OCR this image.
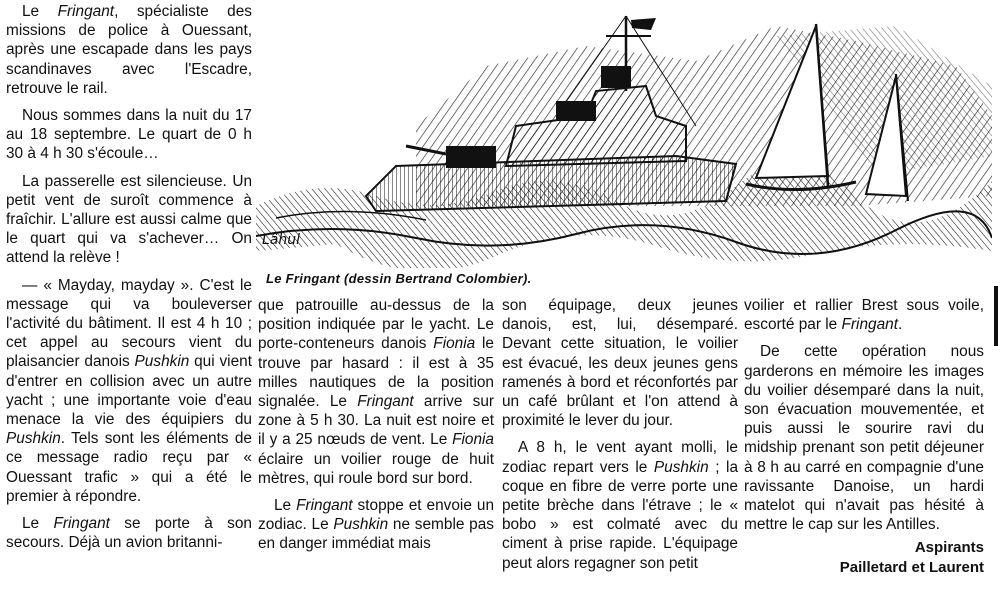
Le Fringant, spécialiste des missions de police à Ouessant, après une escapade dans les pays scandinaves avec l'Escadre, retrouve le rail.

Nous sommes dans la nuit du 17 au 18 septembre. Le quart de 0 h 30 à 4 h 30 s'écoule…

La passerelle est silencieuse. Un petit vent de suroît commence à fraîchir. L'allure est aussi calme que le quart qui va s'achever… On attend la relève !

— « Mayday, mayday ». C'est le message qui va bouleverser l'activité du bâtiment. Il est 4 h 10 ; cet appel au secours vient du plaisancier danois Pushkin qui vient d'entrer en collision avec un autre yacht ; une importante voie d'eau menace la vie des équipiers du Pushkin. Tels sont les éléments de ce message radio reçu par « Ouessant trafic » qui a été le premier à répondre.

Le Fringant se porte à son secours. Déjà un avion britanni-

Lâhul
Le Fringant (dessin Bertrand Colombier).

que patrouille au-dessus de la position indiquée par le yacht. Le porte-conteneurs danois Fionia le trouve par hasard : il est à 35 milles nautiques de la position signalée. Le Fringant arrive sur zone à 5 h 30. La nuit est noire et il y a 25 nœuds de vent. Le Fionia éclaire un voilier rouge de huit mètres, qui roule bord sur bord.

Le Fringant stoppe et envoie un zodiac. Le Pushkin ne semble pas en danger immédiat mais

son équipage, deux jeunes danois, est, lui, désemparé. Devant cette situation, le voilier est évacué, les deux jeunes gens ramenés à bord et réconfortés par un café brûlant et l'on attend à proximité le lever du jour.

A 8 h, le vent ayant molli, le zodiac repart vers le Pushkin ; la coque en fibre de verre porte une petite brèche dans l'étrave ; le « bobo » est colmaté avec du ciment à prise rapide. L'équipage peut alors regagner son petit

voilier et rallier Brest sous voile, escorté par le Fringant.

De cette opération nous garderons en mémoire les images du voilier désemparé dans la nuit, son évacuation mouvementée, et puis aussi le sourire ravi du midship prenant son petit déjeuner à 8 h au carré en compagnie d'une ravissante Danoise, un hardi matelot qui n'avait pas hésité à mettre le cap sur les Antilles.

Aspirants
Pailletard et Laurent
